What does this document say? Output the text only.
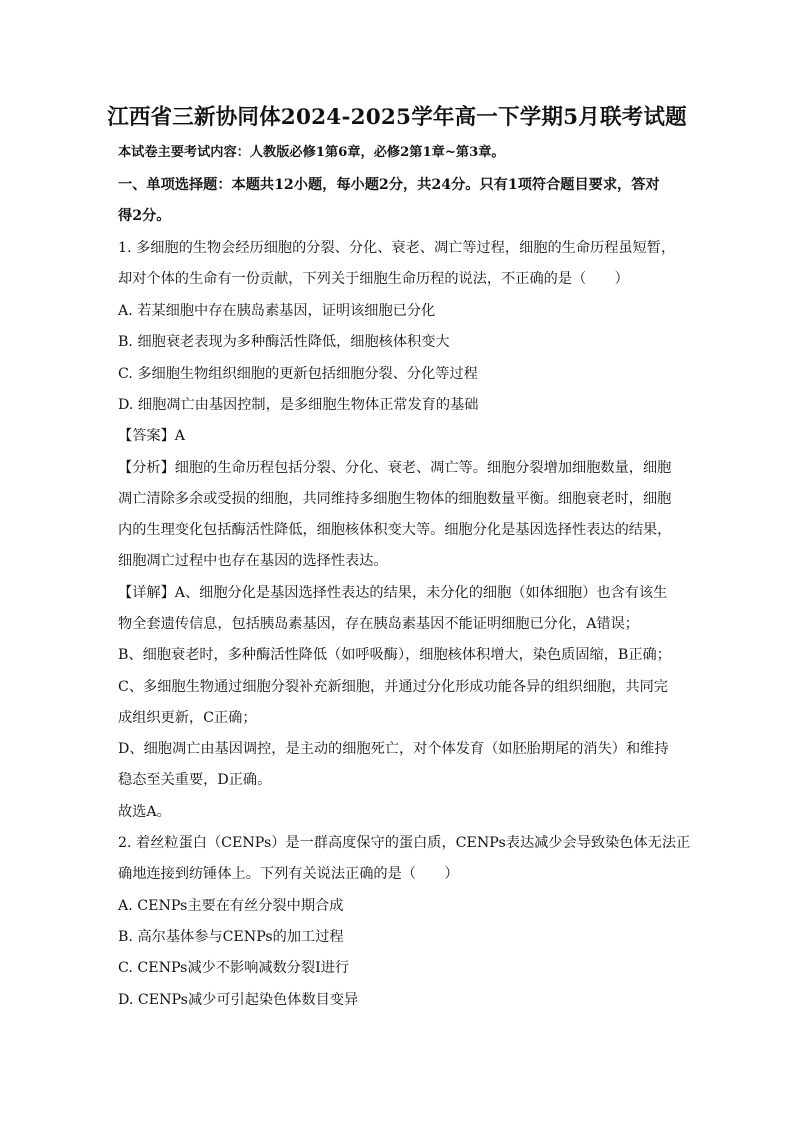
江西省三新协同体2024-2025学年高一下学期5月联考试题
本试卷主要考试内容：人教版必修1第6章，必修2第1章~第3章。
一、单项选择题：本题共12小题，每小题2分，共24分。只有1项符合题目要求，答对
得2分。
1. 多细胞的生物会经历细胞的分裂、分化、衰老、凋亡等过程，细胞的生命历程虽短暂，
却对个体的生命有一份贡献，下列关于细胞生命历程的说法，不正确的是（　　）
A. 若某细胞中存在胰岛素基因，证明该细胞已分化
B. 细胞衰老表现为多种酶活性降低，细胞核体积变大
C. 多细胞生物组织细胞的更新包括细胞分裂、分化等过程
D. 细胞凋亡由基因控制，是多细胞生物体正常发育的基础
【答案】A
【分析】细胞的生命历程包括分裂、分化、衰老、凋亡等。细胞分裂增加细胞数量，细胞
凋亡清除多余或受损的细胞，共同维持多细胞生物体的细胞数量平衡。细胞衰老时，细胞
内的生理变化包括酶活性降低，细胞核体积变大等。细胞分化是基因选择性表达的结果，
细胞凋亡过程中也存在基因的选择性表达。
【详解】A、细胞分化是基因选择性表达的结果，未分化的细胞（如体细胞）也含有该生
物全套遗传信息，包括胰岛素基因，存在胰岛素基因不能证明细胞已分化，A错误；
B、细胞衰老时，多种酶活性降低（如呼吸酶），细胞核体积增大，染色质固缩，B正确；
C、多细胞生物通过细胞分裂补充新细胞，并通过分化形成功能各异的组织细胞，共同完
成组织更新，C正确；
D、细胞凋亡由基因调控，是主动的细胞死亡，对个体发育（如胚胎期尾的消失）和维持
稳态至关重要，D正确。
故选A。
2. 着丝粒蛋白（CENPs）是一群高度保守的蛋白质，CENPs表达减少会导致染色体无法正
确地连接到纺锤体上。下列有关说法正确的是（　　）
A. CENPs主要在有丝分裂中期合成
B. 高尔基体参与CENPs的加工过程
C. CENPs减少不影响减数分裂Ⅰ进行
D. CENPs减少可引起染色体数目变异
